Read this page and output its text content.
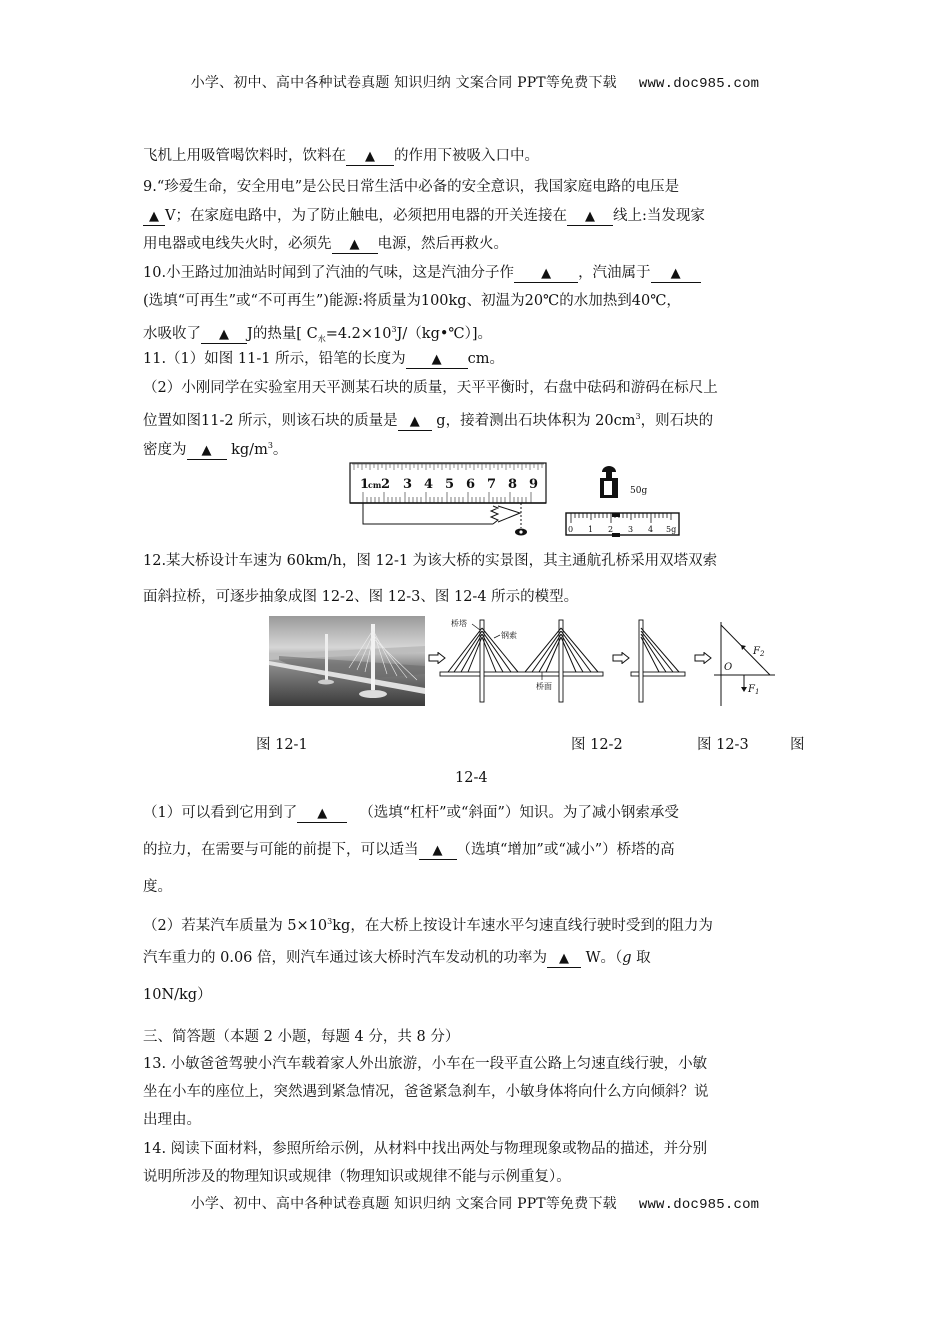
小学、初中、高中各种试卷真题 知识归纳 文案合同 PPT等免费下载 www.doc985.com
飞机上用吸管喝饮料时，饮料在 ▲ 的作用下被吸入口中。
9.“珍爱生命，安全用电”是公民日常生活中必备的安全意识，我国家庭电路的电压是
▲ V；在家庭电路中，为了防止触电，必须把用电器的开关连接在 ▲ 线上:当发现家
用电器或电线失火时，必须先 ▲ 电源，然后再救火。
10.小王路过加油站时闻到了汽油的气味，这是汽油分子作 ▲ ，汽油属于 ▲
(选填“可再生”或“不可再生”)能源:将质量为100kg、初温为20℃的水加热到40℃，
水吸收了 ▲ J的热量[ $C_水=4.2\times 10^3J/(kg•℃)$]。
11.（1）如图 11-1 所示，铅笔的长度为 ▲ cm。
（2）小刚同学在实验室用天平测某石块的质量，天平平衡时，右盘中砝码和游码在标尺上
位置如图11-2 所示，则该石块的质量是 ▲ g，接着测出石块体积为 $20cm^3$，则石块的
密度为 ▲ $kg/m^3$。
1
cm 2 3 4 5 6 7 8 9	50g
0 1 2 3 4 5g
12.某大桥设计车速为 60km/h，图 12-1 为该大桥的实景图，其主通航孔桥采用双塔双索
面斜拉桥，可逐步抽象成图 12-2、图 12-3、图 12-4 所示的模型。
桥塔
钢索
桥面
O
$F_2$
$F_1$
图 12-1	图 12-2	图 12-3	图
12-4
（1）可以看到它用到了 ▲ （选填“杠杆”或“斜面”）知识。为了减小钢索承受
的拉力，在需要与可能的前提下，可以适当 ▲ （选填“增加”或“减小”）桥塔的高
度。
（2）若某汽车质量为 $5\times 10^3kg$，在大桥上按设计车速水平匀速直线行驶时受到的阻力为
汽车重力的 0.06 倍，则汽车通过该大桥时汽车发动机的功率为 ▲ W。（g 取
10N/kg）
三、简答题（本题 2 小题，每题 4 分，共 8 分）
13. 小敏爸爸驾驶小汽车载着家人外出旅游，小车在一段平直公路上匀速直线行驶，小敏
坐在小车的座位上，突然遇到紧急情况，爸爸紧急刹车，小敏身体将向什么方向倾斜？说
出理由。
14. 阅读下面材料，参照所给示例，从材料中找出两处与物理现象或物品的描述，并分别
说明所涉及的物理知识或规律（物理知识或规律不能与示例重复）。
小学、初中、高中各种试卷真题 知识归纳 文案合同 PPT等免费下载 www.doc985.com
